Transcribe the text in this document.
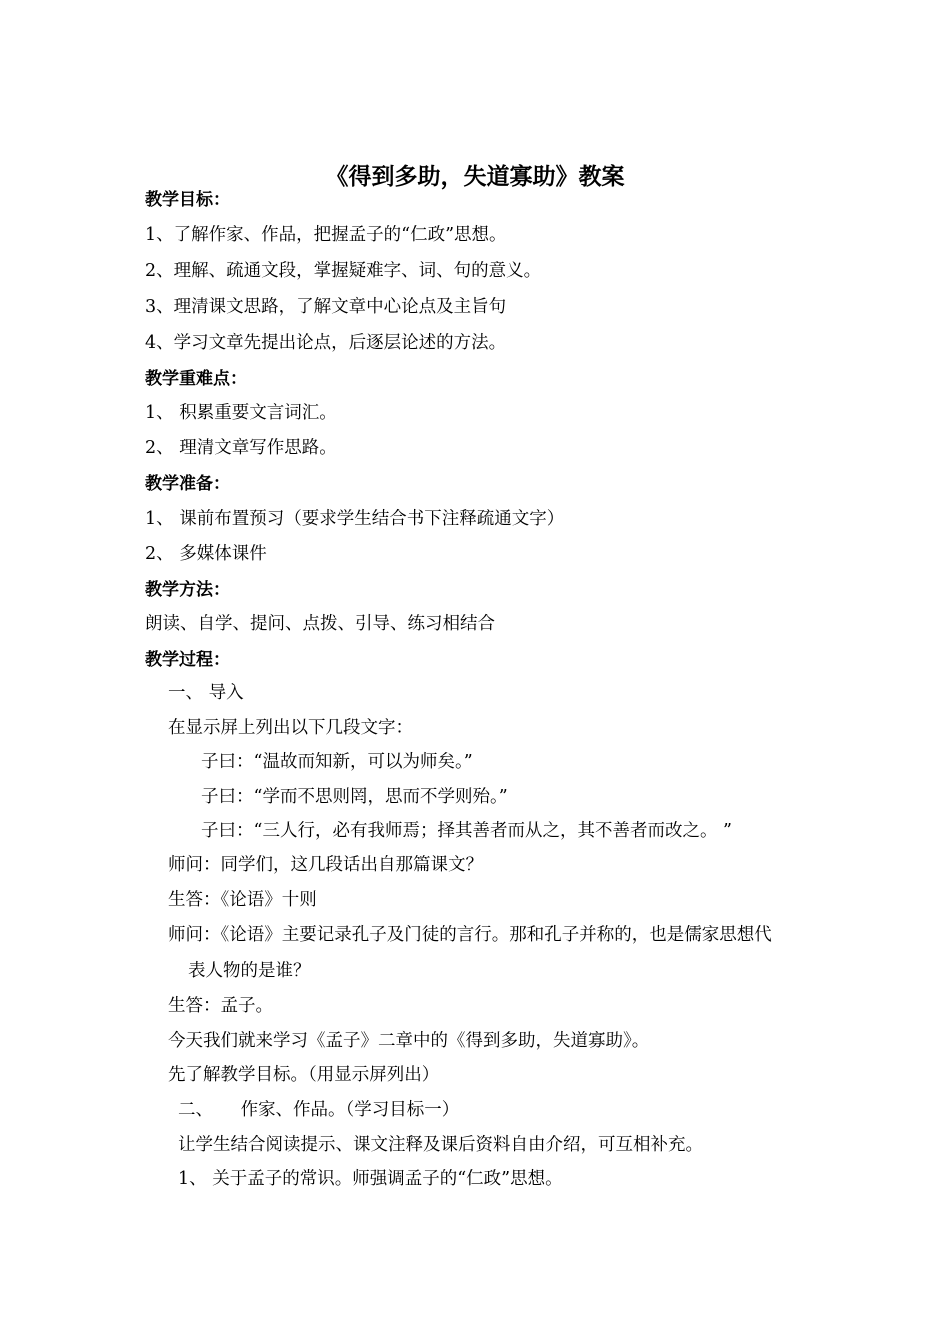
《得到多助，失道寡助》教案
教学目标：
1、了解作家、作品，把握孟子的“仁政”思想。
2、理解、疏通文段，掌握疑难字、词、句的意义。
3、理清课文思路，了解文章中心论点及主旨句
4、学习文章先提出论点，后逐层论述的方法。
教学重难点：
1、 积累重要文言词汇。
2、 理清文章写作思路。
教学准备：
1、 课前布置预习（要求学生结合书下注释疏通文字）
2、 多媒体课件
教学方法：
朗读、自学、提问、点拨、引导、练习相结合
教学过程：
一、 导入
在显示屏上列出以下几段文字：
子曰：“温故而知新，可以为师矣。”
子曰：“学而不思则罔，思而不学则殆。”
子曰：“三人行，必有我师焉；择其善者而从之，其不善者而改之。 ”
师问：同学们，这几段话出自那篇课文？
生答：《论语》十则
师问：《论语》主要记录孔子及门徒的言行。那和孔子并称的，也是儒家思想代
表人物的是谁？
生答：孟子。
今天我们就来学习《孟子》二章中的《得到多助，失道寡助》。
先了解教学目标。（用显示屏列出）
二、 作家、作品。（学习目标一）
让学生结合阅读提示、课文注释及课后资料自由介绍，可互相补充。
1、 关于孟子的常识。师强调孟子的“仁政”思想。
